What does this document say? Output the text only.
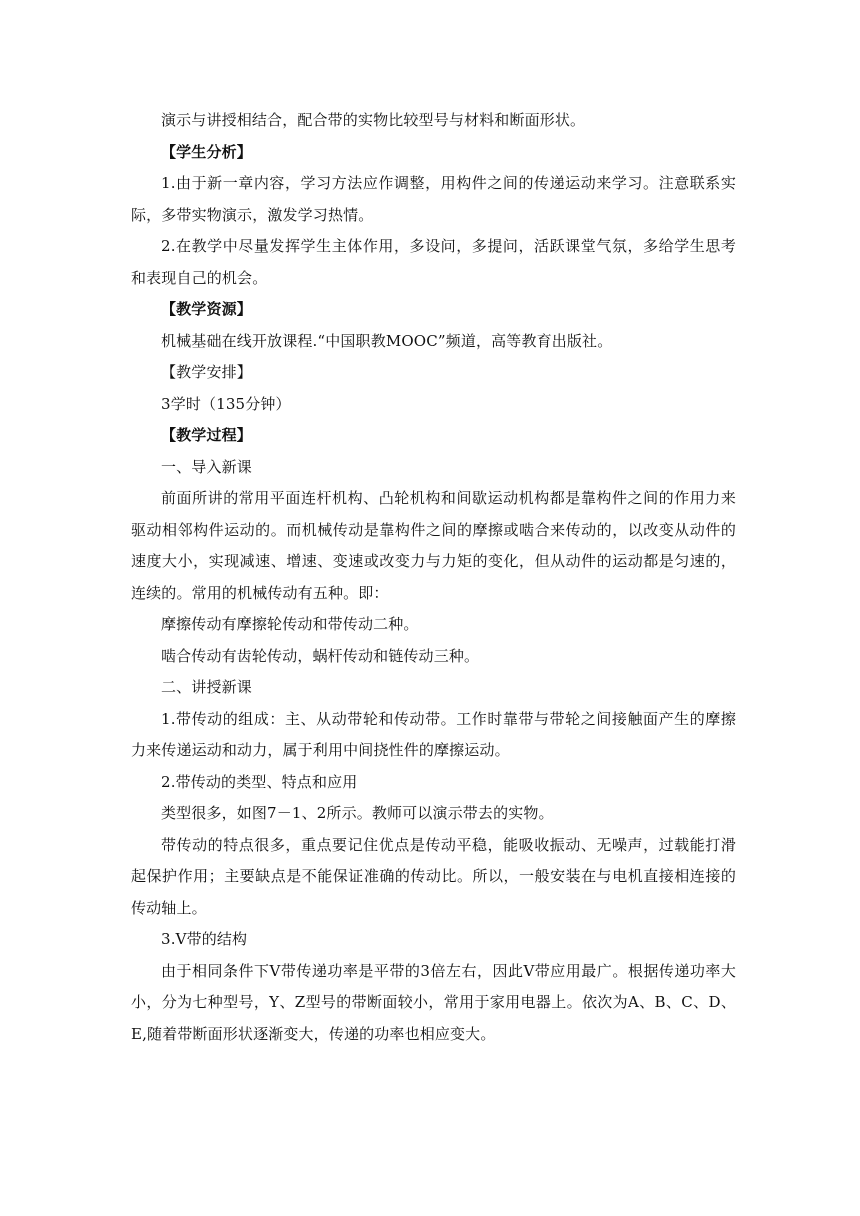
演示与讲授相结合，配合带的实物比较型号与材料和断面形状。

【学生分析】

1.由于新一章内容，学习方法应作调整，用构件之间的传递运动来学习。注意联系实际，多带实物演示，激发学习热情。

2.在教学中尽量发挥学生主体作用，多设问，多提问，活跃课堂气氛，多给学生思考和表现自己的机会。

【教学资源】

机械基础在线开放课程.“中国职教MOOC”频道，高等教育出版社。

【教学安排】

3学时（135分钟）

【教学过程】

一、导入新课

前面所讲的常用平面连杆机构、凸轮机构和间歇运动机构都是靠构件之间的作用力来驱动相邻构件运动的。而机械传动是靠构件之间的摩擦或啮合来传动的，以改变从动件的速度大小，实现减速、增速、变速或改变力与力矩的变化，但从动件的运动都是匀速的，连续的。常用的机械传动有五种。即：

摩擦传动有摩擦轮传动和带传动二种。

啮合传动有齿轮传动，蜗杆传动和链传动三种。

二、讲授新课

1.带传动的组成：主、从动带轮和传动带。工作时靠带与带轮之间接触面产生的摩擦力来传递运动和动力，属于利用中间挠性件的摩擦运动。

2.带传动的类型、特点和应用

类型很多，如图7－1、2所示。教师可以演示带去的实物。

带传动的特点很多，重点要记住优点是传动平稳，能吸收振动、无噪声，过载能打滑起保护作用；主要缺点是不能保证准确的传动比。所以，一般安装在与电机直接相连接的传动轴上。

3.V带的结构

由于相同条件下V带传递功率是平带的3倍左右，因此V带应用最广。根据传递功率大小，分为七种型号，Y、Z型号的带断面较小，常用于家用电器上。依次为A、B、C、D、E,随着带断面形状逐渐变大，传递的功率也相应变大。
